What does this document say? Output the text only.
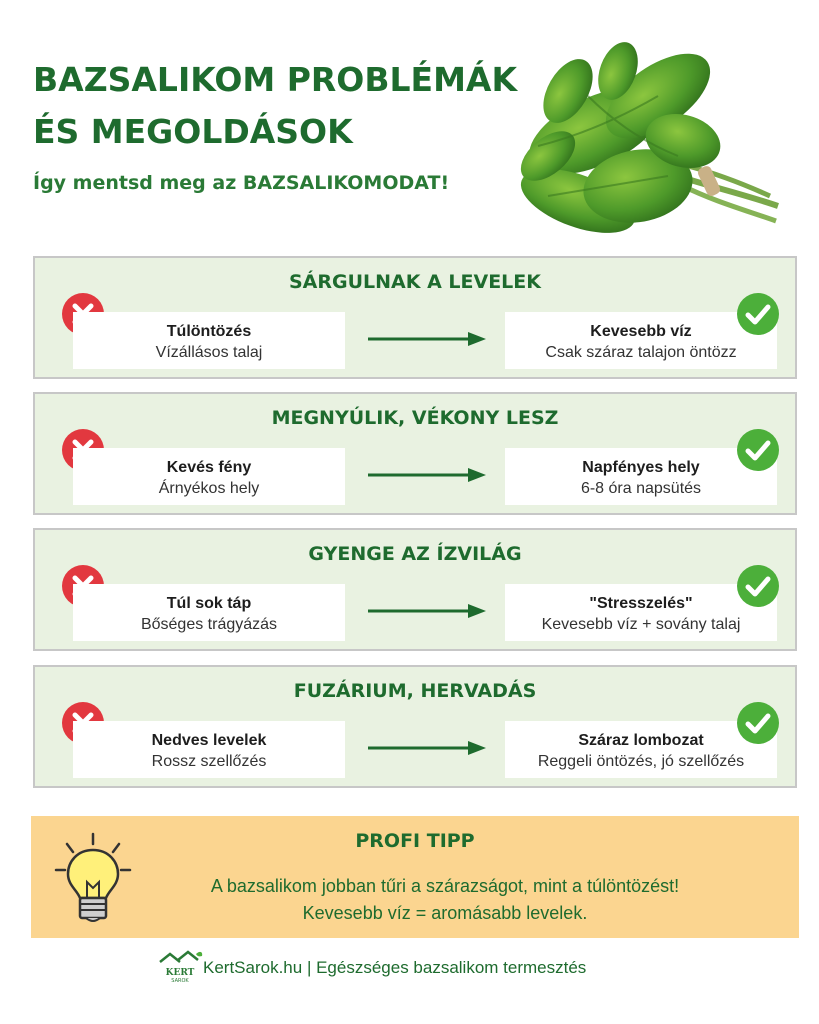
BAZSALIKOM PROBLÉMÁK
ÉS MEGOLDÁSOK

Így mentsd meg az BAZSALIKOMODAT!

SÁRGULNAK A LEVELEK
Túlöntözés
Vízállásos talaj
Kevesebb víz
Csak száraz talajon öntözz
MEGNYÚLIK, VÉKONY LESZ
Kevés fény
Árnyékos hely
Napfényes hely
6-8 óra napsütés
GYENGE AZ ÍZVILÁG
Túl sok táp
Bőséges trágyázás
"Stresszelés"
Kevesebb víz + sovány talaj
FUZÁRIUM, HERVADÁS
Nedves levelek
Rossz szellőzés
Száraz lombozat
Reggeli öntözés, jó szellőzés
PROFI TIPP
A bazsalikom jobban tűri a szárazságot, mint a túlöntözést!
Kevesebb víz = aromásabb levelek.
KERT
SAROK
KertSarok.hu | Egészséges bazsalikom termesztés
